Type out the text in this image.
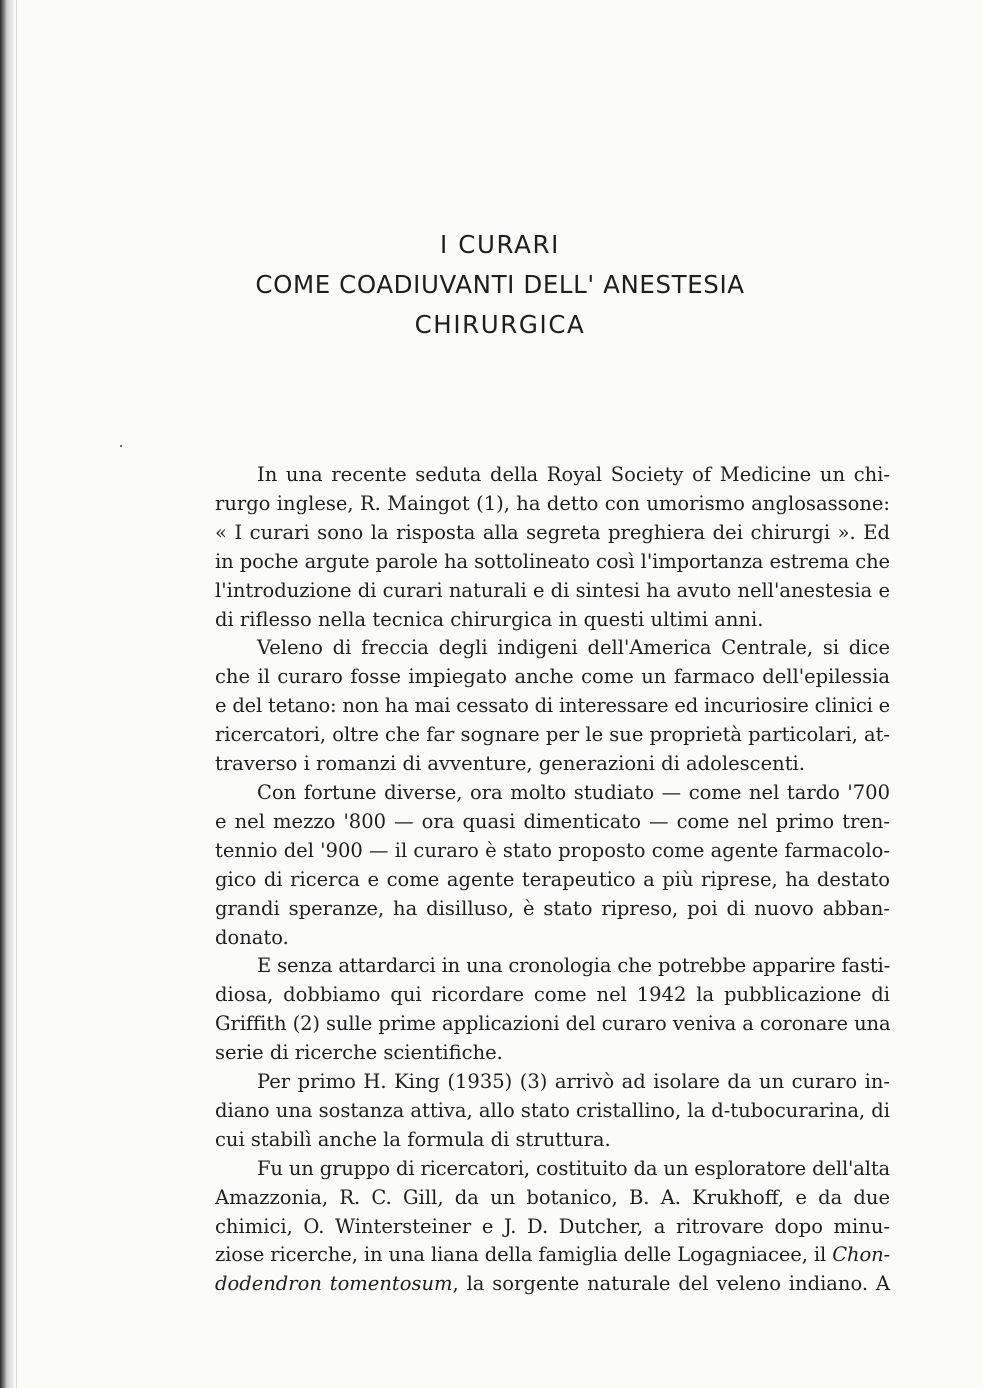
I CURARI
COME COADIUVANTI DELL' ANESTESIA
CHIRURGICA

In una recente seduta della Royal Society of Medicine un chi-
rurgo inglese, R. Maingot (1), ha detto con umorismo anglosassone:
« I curari sono la risposta alla segreta preghiera dei chirurgi ». Ed
in poche argute parole ha sottolineato così l'importanza estrema che
l'introduzione di curari naturali e di sintesi ha avuto nell'anestesia e
di riflesso nella tecnica chirurgica in questi ultimi anni.

Veleno di freccia degli indigeni dell'America Centrale, si dice
che il curaro fosse impiegato anche come un farmaco dell'epilessia
e del tetano: non ha mai cessato di interessare ed incuriosire clinici e
ricercatori, oltre che far sognare per le sue proprietà particolari, at-
traverso i romanzi di avventure, generazioni di adolescenti.

Con fortune diverse, ora molto studiato — come nel tardo '700
e nel mezzo '800 — ora quasi dimenticato — come nel primo tren-
tennio del '900 — il curaro è stato proposto come agente farmacolo-
gico di ricerca e come agente terapeutico a più riprese, ha destato
grandi speranze, ha disilluso, è stato ripreso, poi di nuovo abban-
donato.

E senza attardarci in una cronologia che potrebbe apparire fasti-
diosa, dobbiamo qui ricordare come nel 1942 la pubblicazione di
Griffith (2) sulle prime applicazioni del curaro veniva a coronare una
serie di ricerche scientifiche.

Per primo H. King (1935) (3) arrivò ad isolare da un curaro in-
diano una sostanza attiva, allo stato cristallino, la d-tubocurarina, di
cui stabilì anche la formula di struttura.

Fu un gruppo di ricercatori, costituito da un esploratore dell'alta
Amazzonia, R. C. Gill, da un botanico, B. A. Krukhoff, e da due
chimici, O. Wintersteiner e J. D. Dutcher, a ritrovare dopo minu-
ziose ricerche, in una liana della famiglia delle Logagniacee, il Chon-
dodendron tomentosum, la sorgente naturale del veleno indiano. A
